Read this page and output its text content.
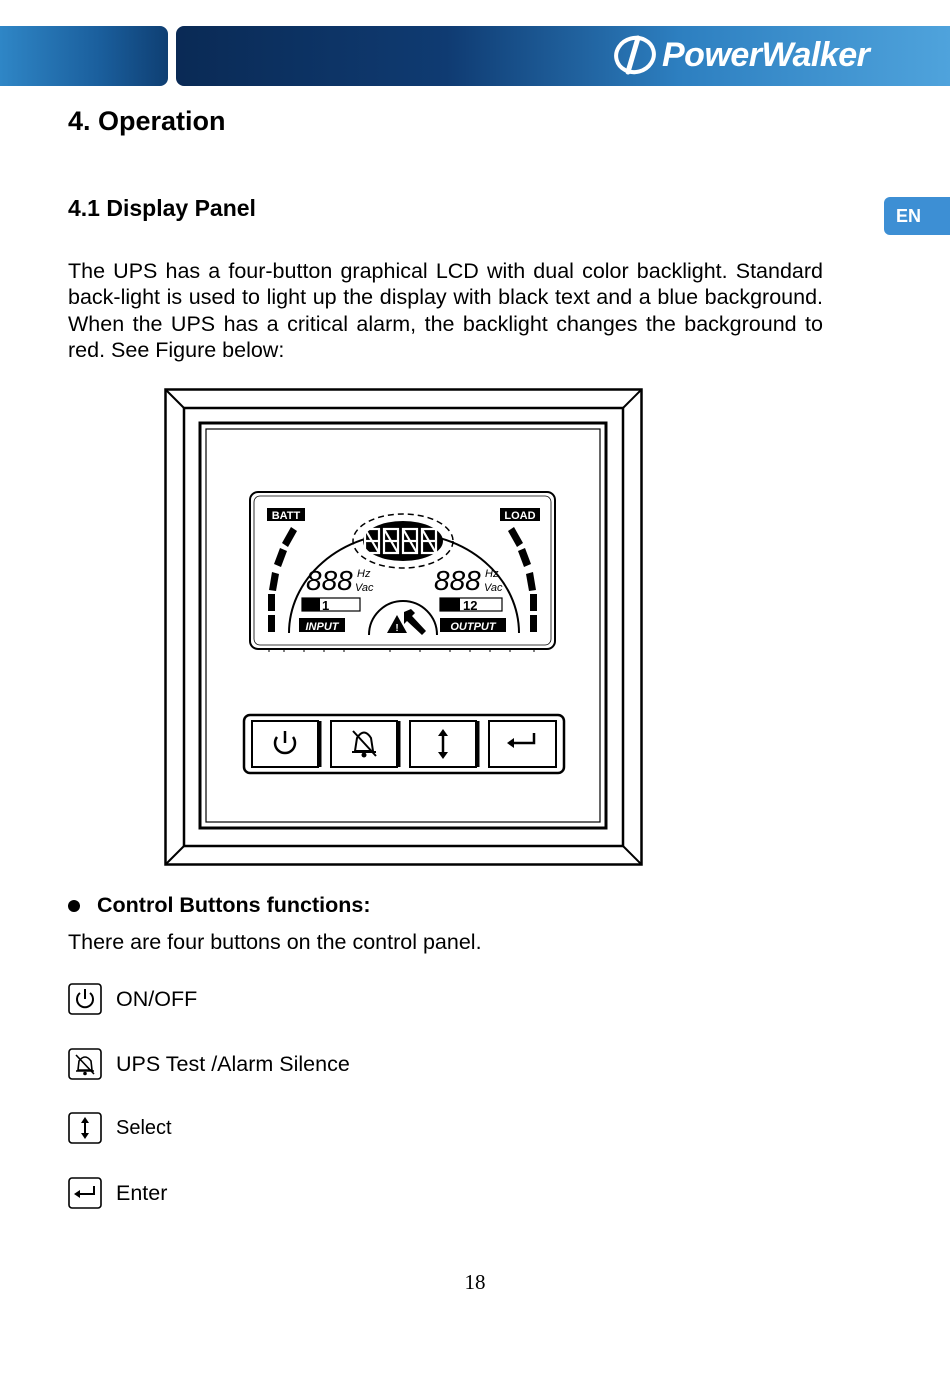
PowerWalker
EN
4. Operation
4.1 Display Panel

The UPS has a four-button graphical LCD with dual color backlight. Standard back-light is used to light up the display with black text and a blue background. When the UPS has a critical alarm, the backlight changes the background to red. See Figure below:

BATT	LOAD
888 Hz
Vac 888 Hz
Vac
1	12
INPUT	OUTPUT
!
Control Buttons functions:

There are four buttons on the control panel.

ON/OFF
UPS Test /Alarm Silence
Select
Enter
18
